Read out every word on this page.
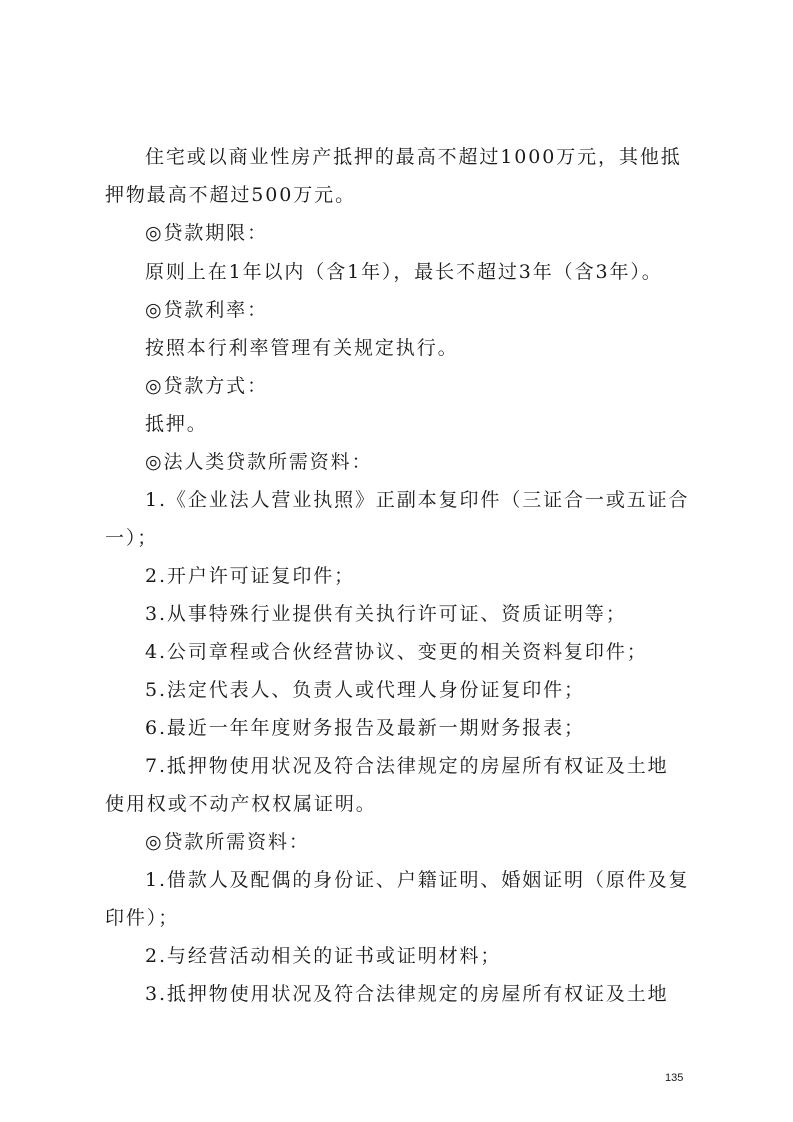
住宅或以商业性房产抵押的最高不超过1000万元，其他抵
押物最高不超过500万元。
◎贷款期限：
原则上在1年以内（含1年），最长不超过3年（含3年）。
◎贷款利率：
按照本行利率管理有关规定执行。
◎贷款方式：
抵押。
◎法人类贷款所需资料：
1.《企业法人营业执照》正副本复印件（三证合一或五证合
一）；
2.开户许可证复印件；
3.从事特殊行业提供有关执行许可证、资质证明等；
4.公司章程或合伙经营协议、变更的相关资料复印件；
5.法定代表人、负责人或代理人身份证复印件；
6.最近一年年度财务报告及最新一期财务报表；
7.抵押物使用状况及符合法律规定的房屋所有权证及土地
使用权或不动产权权属证明。
◎贷款所需资料：
1.借款人及配偶的身份证、户籍证明、婚姻证明（原件及复
印件）；
2.与经营活动相关的证书或证明材料；
3.抵押物使用状况及符合法律规定的房屋所有权证及土地
135
